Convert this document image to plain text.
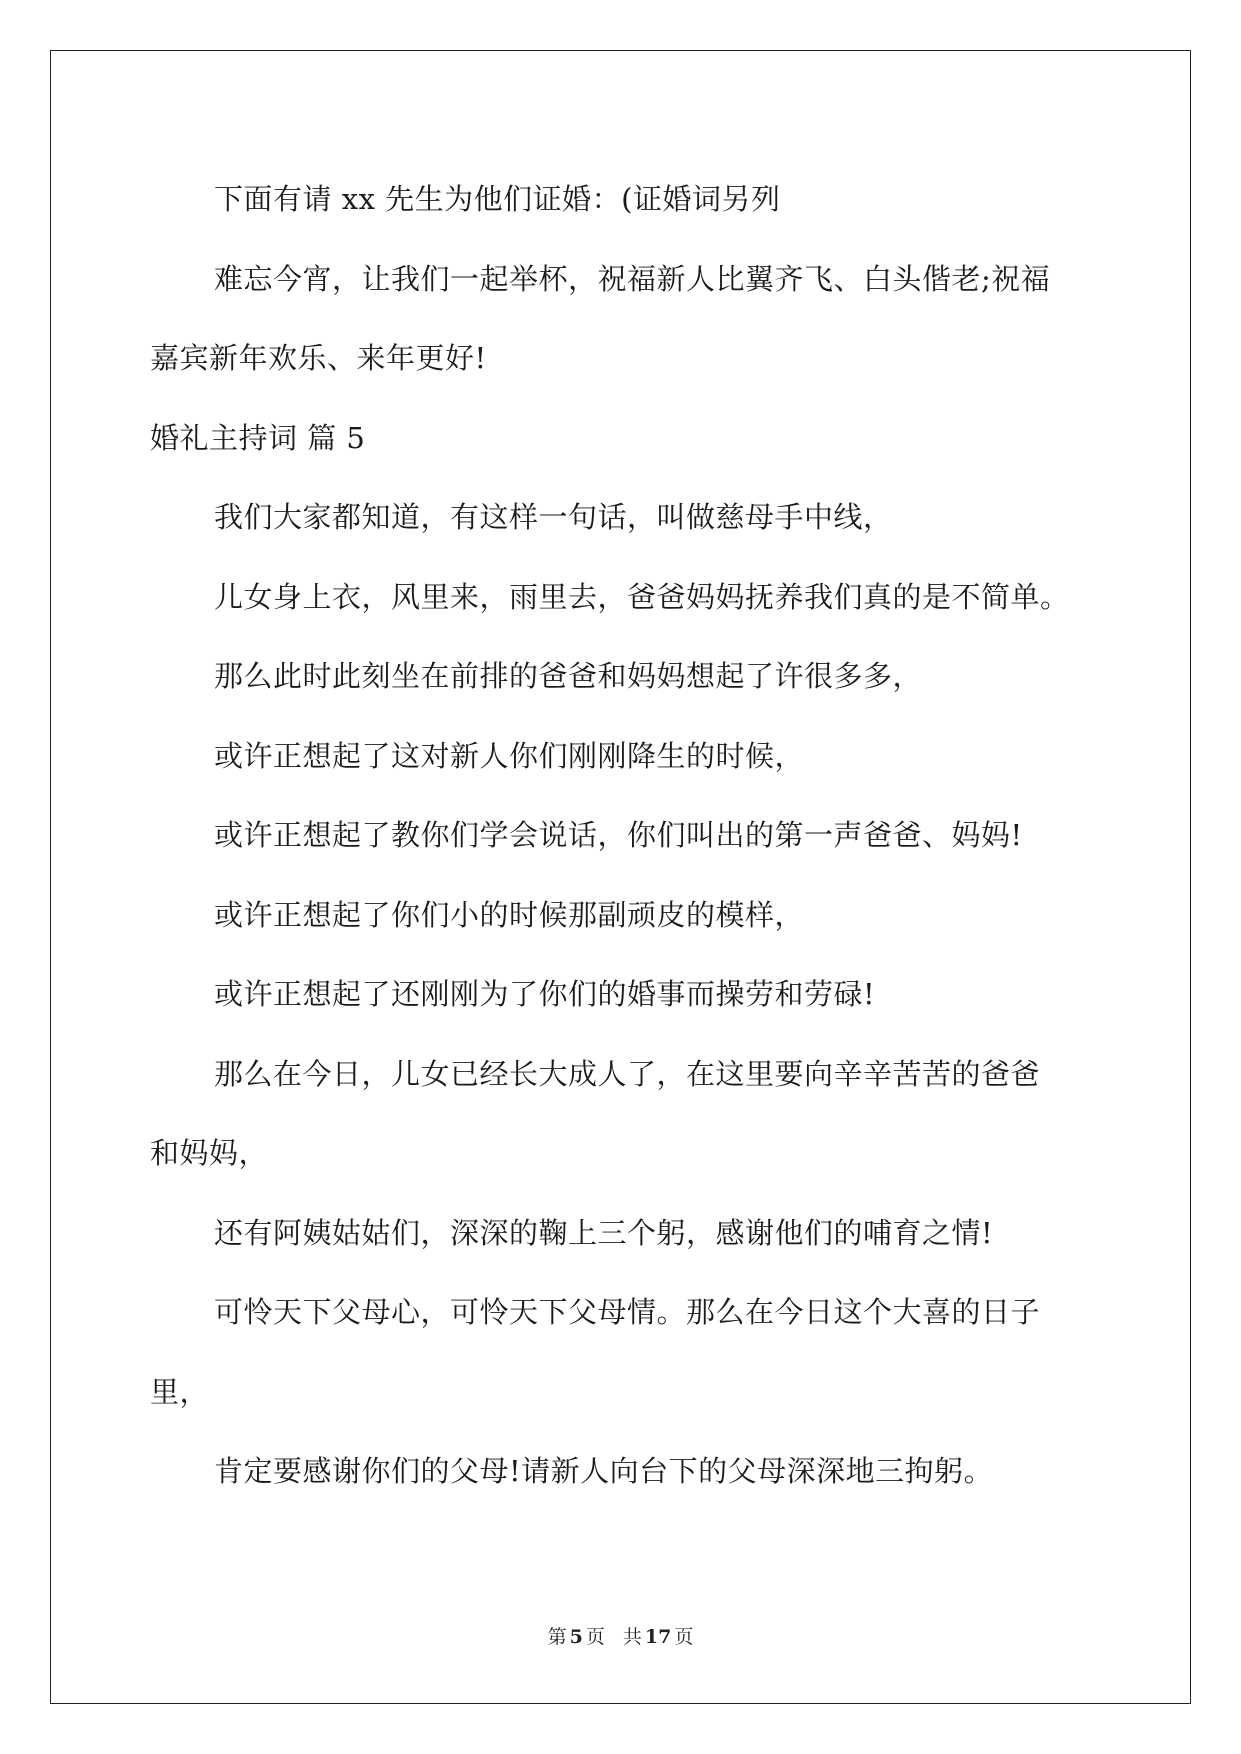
下面有请 xx 先生为他们证婚：(证婚词另列

难忘今宵，让我们一起举杯，祝福新人比翼齐飞、白头偕老;祝福

嘉宾新年欢乐、来年更好!

婚礼主持词 篇 5

我们大家都知道，有这样一句话，叫做慈母手中线，

儿女身上衣，风里来，雨里去，爸爸妈妈抚养我们真的是不简单。

那么此时此刻坐在前排的爸爸和妈妈想起了许很多多，

或许正想起了这对新人你们刚刚降生的时候，

或许正想起了教你们学会说话，你们叫出的第一声爸爸、妈妈!

或许正想起了你们小的时候那副顽皮的模样，

或许正想起了还刚刚为了你们的婚事而操劳和劳碌!

那么在今日，儿女已经长大成人了，在这里要向辛辛苦苦的爸爸

和妈妈，

还有阿姨姑姑们，深深的鞠上三个躬，感谢他们的哺育之情!

可怜天下父母心，可怜天下父母情。那么在今日这个大喜的日子

里，

肯定要感谢你们的父母!请新人向台下的父母深深地三拘躬。

第 5 页 共 17 页
